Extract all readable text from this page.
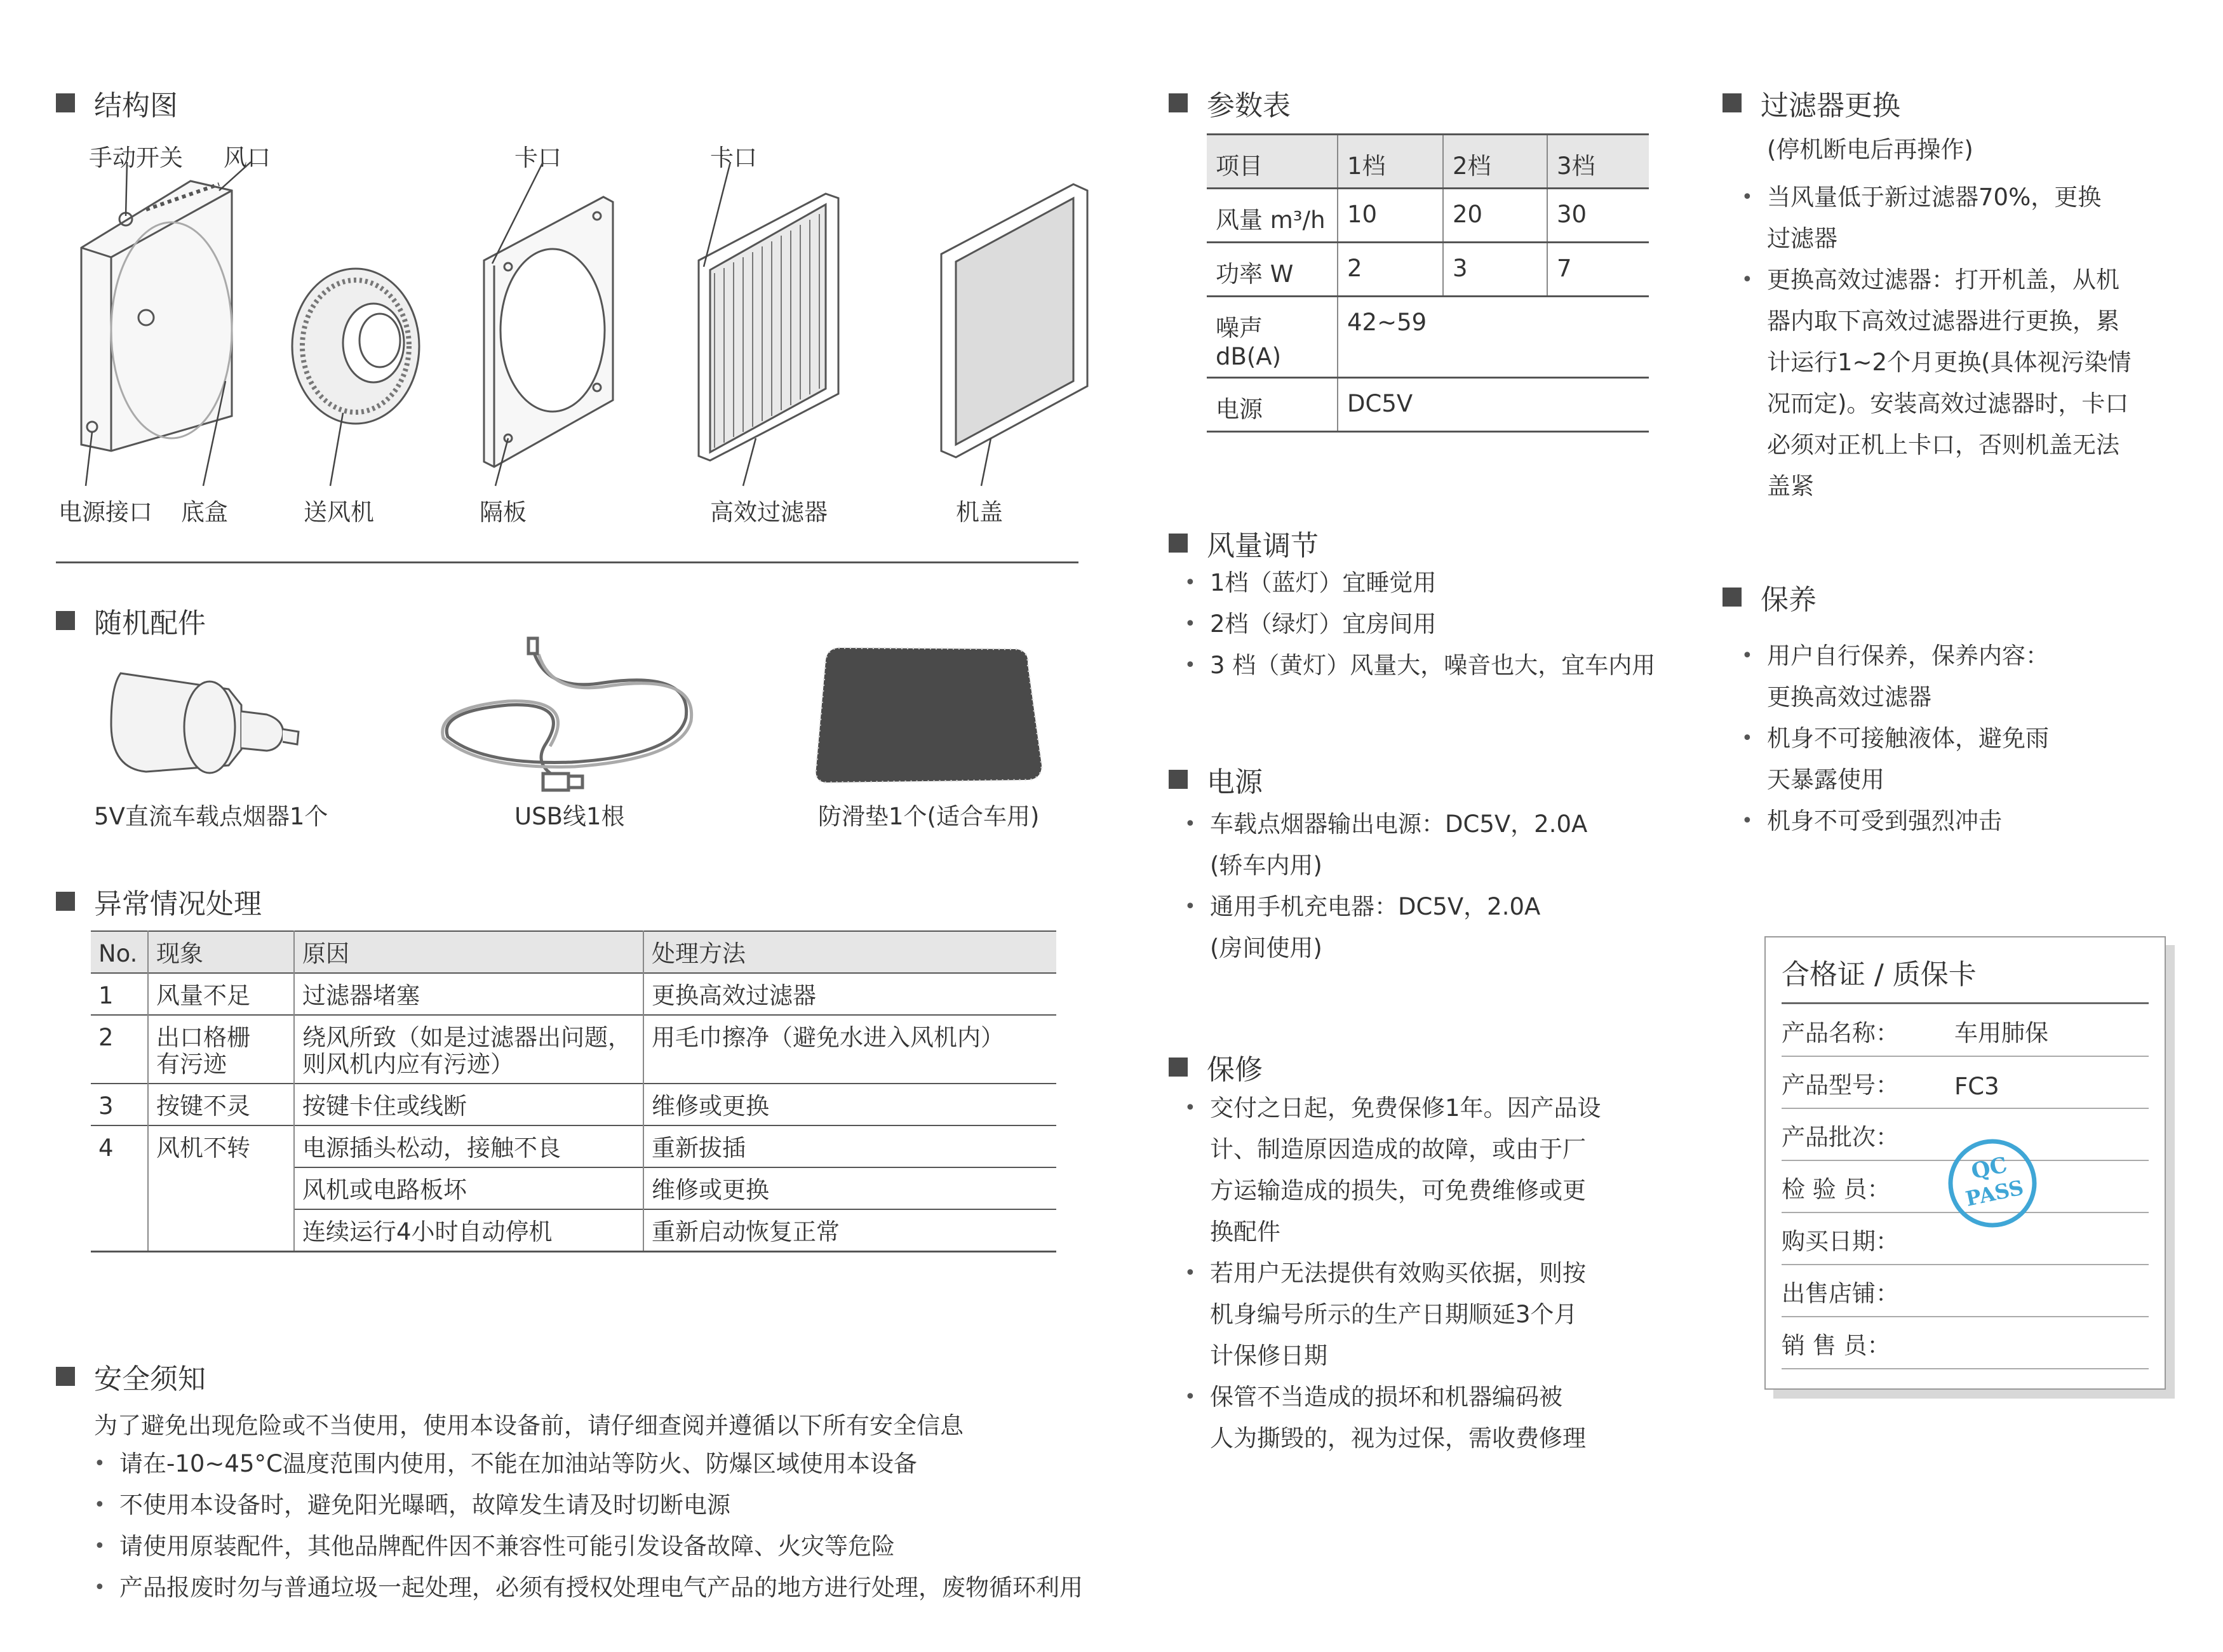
结构图
手动开关 风口	卡口	卡口
电源接口 底盒	送风机	隔板	高效过滤器	机盖
随机配件
5V直流车载点烟器1个	USB线1根	防滑垫1个(适合车用)
异常情况处理
No.	现象	原因	处理方法
1	风量不足	过滤器堵塞	更换高效过滤器
2	出口格栅有污迹	绕风所致（如是过滤器出问题，则风机内应有污迹）	用毛巾擦净（避免水进入风机内）
3	按键不灵	按键卡住或线断	维修或更换
4	风机不转	电源插头松动，接触不良	重新拔插
		风机或电路板坏	维修或更换
		连续运行4小时自动停机	重新启动恢复正常
安全须知
为了避免出现危险或不当使用，使用本设备前，请仔细查阅并遵循以下所有安全信息
• 请在-10~45°C温度范围内使用，不能在加油站等防火、防爆区域使用本设备
• 不使用本设备时，避免阳光曝晒，故障发生请及时切断电源
• 请使用原装配件，其他品牌配件因不兼容性可能引发设备故障、火灾等危险
• 产品报废时勿与普通垃圾一起处理，必须有授权处理电气产品的地方进行处理，废物循环利用
参数表
项目	1档	2档	3档
风量 m³/h	10	20	30
功率 W	2	3	7
噪声 dB(A)	42~59		
电源	DC5V		
风量调节
• 1档（蓝灯）宜睡觉用
• 2档（绿灯）宜房间用
• 3 档（黄灯）风量大，噪音也大，宜车内用
电源
• 车载点烟器输出电源：DC5V，2.0A
(轿车内用)
• 通用手机充电器：DC5V，2.0A
(房间使用)
保修
• 交付之日起，免费保修1年。因产品设
计、制造原因造成的故障，或由于厂
方运输造成的损失，可免费维修或更
换配件
• 若用户无法提供有效购买依据，则按
机身编号所示的生产日期顺延3个月
计保修日期
• 保管不当造成的损坏和机器编码被
人为撕毁的，视为过保，需收费修理
过滤器更换
(停机断电后再操作)
• 当风量低于新过滤器70%，更换
过滤器
• 更换高效过滤器：打开机盖，从机
器内取下高效过滤器进行更换，累
计运行1~2个月更换(具体视污染情
况而定)。安装高效过滤器时，卡口
必须对正机上卡口，否则机盖无法
盖紧
保养
• 用户自行保养，保养内容：
更换高效过滤器
• 机身不可接触液体，避免雨
天暴露使用
• 机身不可受到强烈冲击
合格证 / 质保卡
产品名称： 车用肺保
产品型号： FC3
产品批次：
检 验 员：
购买日期：
出售店铺：
销 售 员：
QC
PASS
